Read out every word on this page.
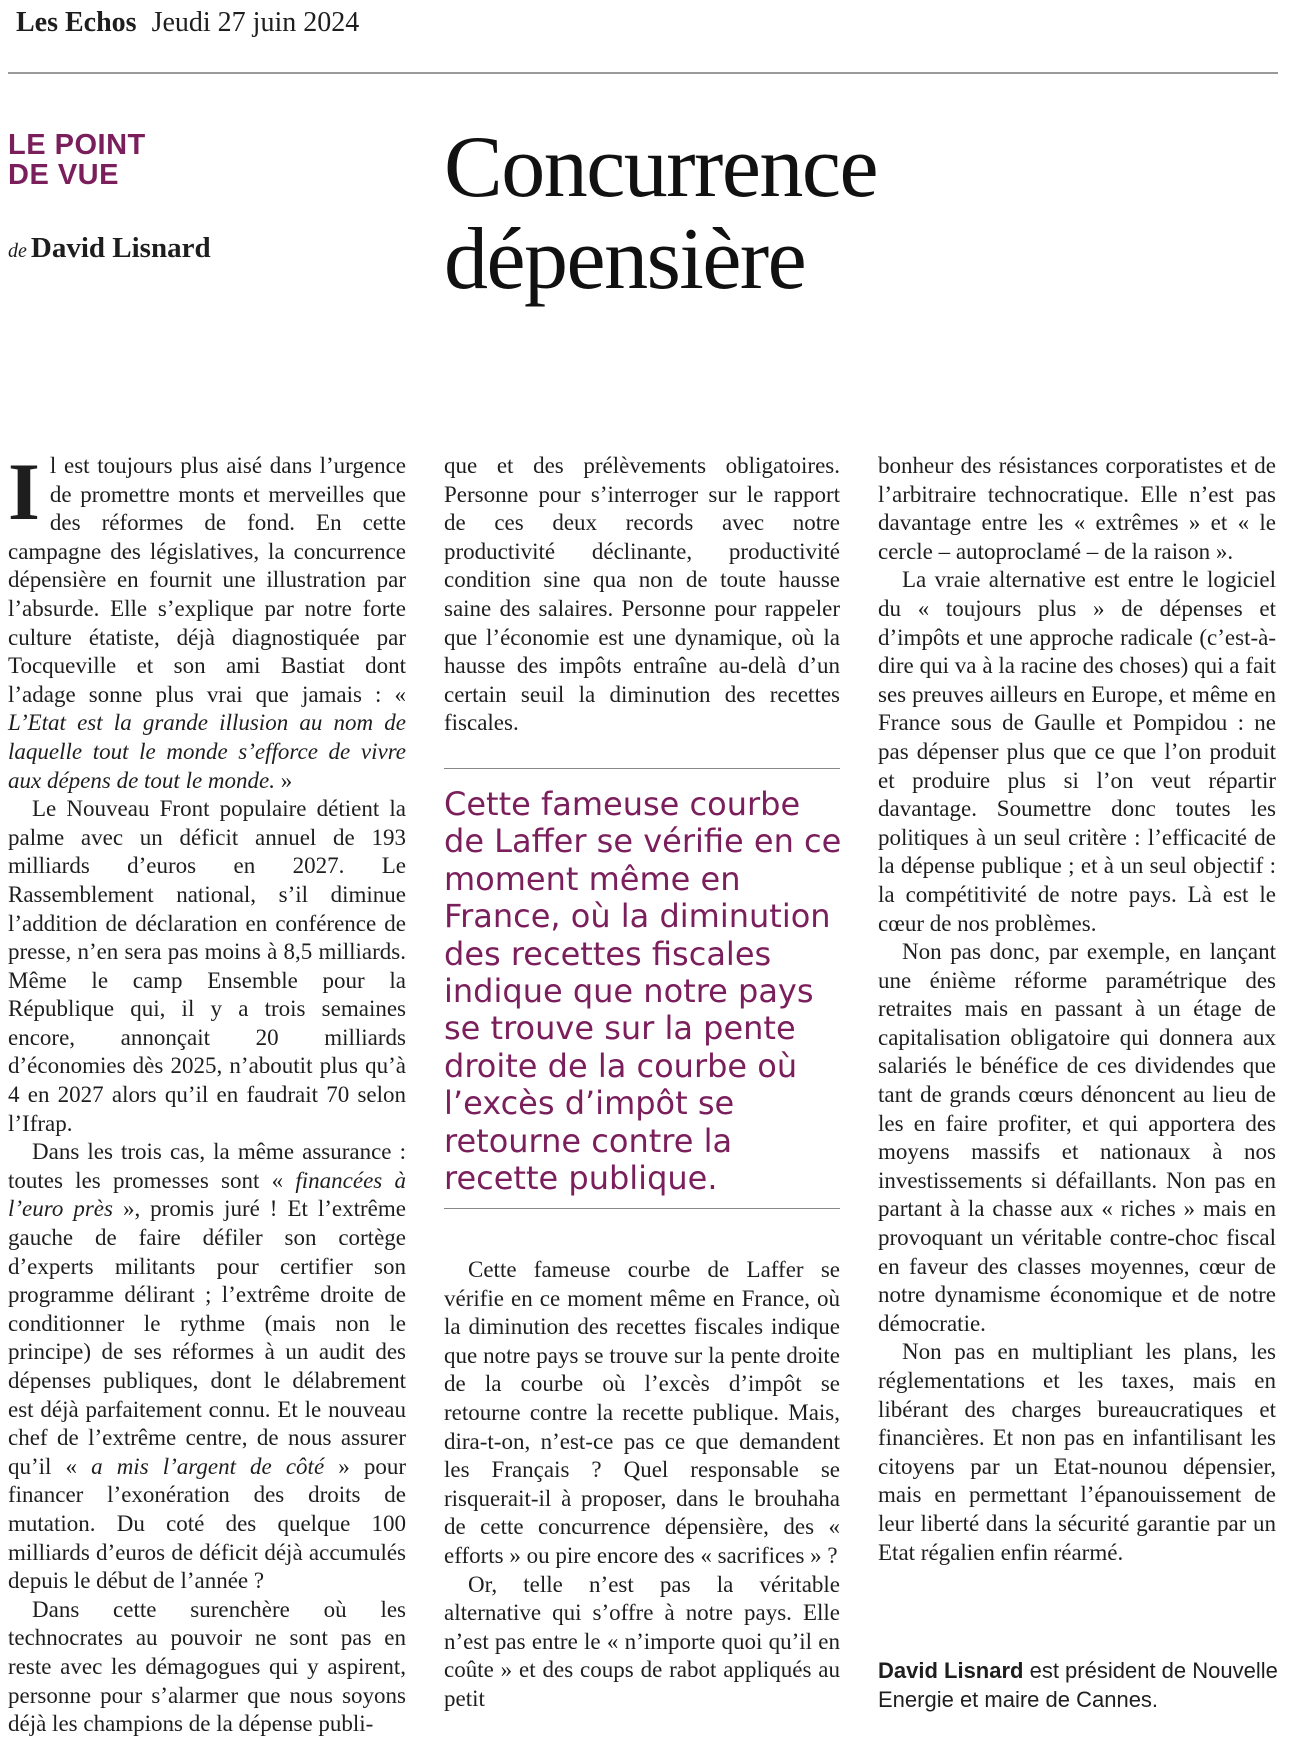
Les Echos Jeudi 27 juin 2024
LE POINT
DE VUE
de David Lisnard
Concurrence
dépensière

Il est toujours plus aisé dans l’urgence de promettre monts et merveilles que des réformes de fond. En cette campagne des législatives, la concurrence dépensière en fournit une illustration par l’absurde. Elle s’explique par notre forte culture étatiste, déjà diagnostiquée par Tocqueville et son ami Bastiat dont l’adage sonne plus vrai que jamais : « L’Etat est la grande illusion au nom de laquelle tout le monde s’efforce de vivre aux dépens de tout le monde. »

Le Nouveau Front populaire détient la palme avec un déficit annuel de 193 milliards d’euros en 2027. Le Rassemblement national, s’il diminue l’addition de déclaration en conférence de presse, n’en sera pas moins à 8,5 milliards. Même le camp Ensemble pour la République qui, il y a trois semaines encore, annonçait 20 milliards d’économies dès 2025, n’aboutit plus qu’à 4 en 2027 alors qu’il en faudrait 70 selon l’Ifrap.

Dans les trois cas, la même assurance : toutes les promesses sont « financées à l’euro près », promis juré ! Et l’extrême gauche de faire défiler son cortège d’experts militants pour certifier son programme délirant ; l’extrême droite de conditionner le rythme (mais non le principe) de ses réformes à un audit des dépenses publiques, dont le délabrement est déjà parfaitement connu. Et le nouveau chef de l’extrême centre, de nous assurer qu’il « a mis l’argent de côté » pour financer l’exonération des droits de mutation. Du coté des quelque 100 milliards d’euros de déficit déjà accumulés depuis le début de l’année ?

Dans cette surenchère où les technocrates au pouvoir ne sont pas en reste avec les démagogues qui y aspirent, personne pour s’alarmer que nous soyons déjà les champions de la dépense publi-

que et des prélèvements obligatoires. Personne pour s’interroger sur le rapport de ces deux records avec notre productivité déclinante, productivité condition sine qua non de toute hausse saine des salaires. Personne pour rappeler que l’économie est une dynamique, où la hausse des impôts entraîne au-delà d’un certain seuil la diminution des recettes fiscales.

Cette fameuse courbe de Laffer se vérifie en ce moment même en France, où la diminution des recettes fiscales indique que notre pays se trouve sur la pente droite de la courbe où l’excès d’impôt se retourne contre la recette publique.

Cette fameuse courbe de Laffer se vérifie en ce moment même en France, où la diminution des recettes fiscales indique que notre pays se trouve sur la pente droite de la courbe où l’excès d’impôt se retourne contre la recette publique. Mais, dira-t-on, n’est-ce pas ce que demandent les Français ? Quel responsable se risquerait-il à proposer, dans le brouhaha de cette concurrence dépensière, des « efforts » ou pire encore des « sacrifices » ?

Or, telle n’est pas la véritable alternative qui s’offre à notre pays. Elle n’est pas entre le « n’importe quoi qu’il en coûte » et des coups de rabot appliqués au petit

bonheur des résistances corporatistes et de l’arbitraire technocratique. Elle n’est pas davantage entre les « extrêmes » et « le cercle – autoproclamé – de la raison ».

La vraie alternative est entre le logiciel du « toujours plus » de dépenses et d’impôts et une approche radicale (c’est-à-dire qui va à la racine des choses) qui a fait ses preuves ailleurs en Europe, et même en France sous de Gaulle et Pompidou : ne pas dépenser plus que ce que l’on produit et produire plus si l’on veut répartir davantage. Soumettre donc toutes les politiques à un seul critère : l’efficacité de la dépense publique ; et à un seul objectif : la compétitivité de notre pays. Là est le cœur de nos problèmes.

Non pas donc, par exemple, en lançant une énième réforme paramétrique des retraites mais en passant à un étage de capitalisation obligatoire qui donnera aux salariés le bénéfice de ces dividendes que tant de grands cœurs dénoncent au lieu de les en faire profiter, et qui apportera des moyens massifs et nationaux à nos investissements si défaillants. Non pas en partant à la chasse aux « riches » mais en provoquant un véritable contre-choc fiscal en faveur des classes moyennes, cœur de notre dynamisme économique et de notre démocratie.

Non pas en multipliant les plans, les réglementations et les taxes, mais en libérant des charges bureaucratiques et financières. Et non pas en infantilisant les citoyens par un Etat-nounou dépensier, mais en permettant l’épanouissement de leur liberté dans la sécurité garantie par un Etat régalien enfin réarmé.

David Lisnard est président de Nouvelle Energie et maire de Cannes.
